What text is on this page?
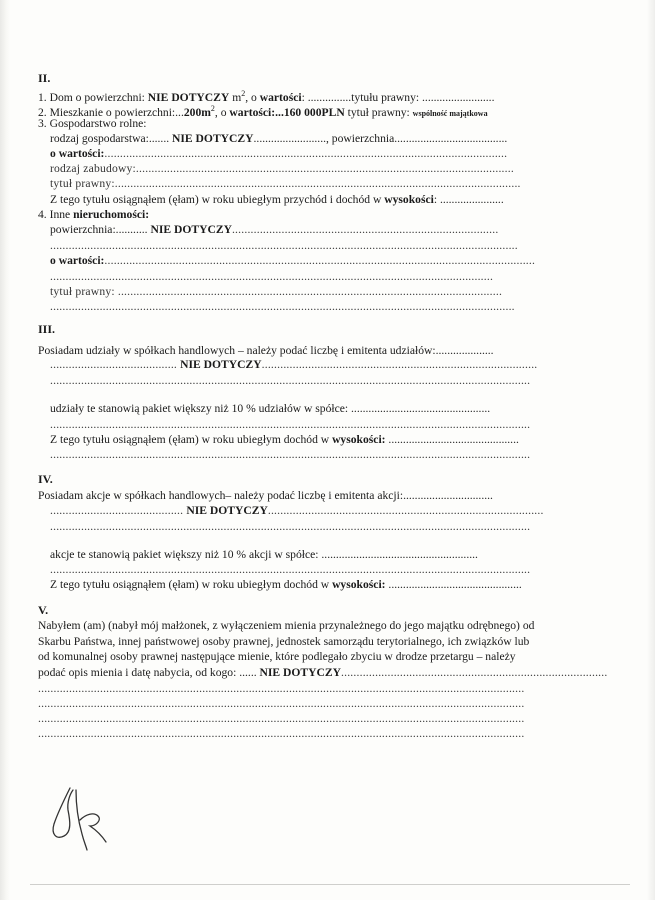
II.
1. Dom o powierzchni: NIE DOTYCZY $m^2$, o wartości: ...............tytułu prawny: .........................
2. Mieszkanie o $powierzchni:...200m^2$, o wartości:...160 000PLN tytuł prawny: wspólność majątkowa
3. Gospodarstwo rolne:
rodzaj gospodarstwa:....... NIE DOTYCZY........................., powierzchnia.......................................
o wartości:..................................................................................................................................
rodzaj zabudowy:..........................................................................................................................
tytuł prawny:...................................................................................................................................
Z tego tytułu osiągnąłem (ęłam) w roku ubiegłym przychód i dochód w wysokości: ......................
4. Inne nieruchomości:
powierzchnia:........... NIE DOTYCZY......................................................................................
.......................................................................................................................................................
o wartości:...........................................................................................................................................
...............................................................................................................................................
tytuł prawny: ............................................................................................................................
......................................................................................................................................................
III.
Posiadam udziały w spółkach handlowych – należy podać liczbę i emitenta udziałów:....................
......................................... NIE DOTYCZY.........................................................................................
...........................................................................................................................................................
udziały te stanowią pakiet większy niż 10 % udziałów w spółce: ................................................
...........................................................................................................................................................
Z tego tytułu osiągnąłem (ęłam) w roku ubiegłym dochód w wysokości: .............................................
...........................................................................................................................................................
IV.
Posiadam akcje w spółkach handlowych– należy podać liczbę i emitenta akcji:...............................
........................................... NIE DOTYCZY.........................................................................................
...........................................................................................................................................................
akcje te stanowią pakiet większy niż 10 % akcji w spółce: ......................................................
...........................................................................................................................................................
Z tego tytułu osiągnąłem (ęłam) w roku ubiegłym dochód w wysokości: ..............................................
V.
Nabyłem (am) (nabył mój małżonek, z wyłączeniem mienia przynależnego do jego majątku odrębnego) od
Skarbu Państwa, innej państwowej osoby prawnej, jednostek samorządu terytorialnego, ich związków lub
od komunalnej osoby prawnej następujące mienie, które podlegało zbyciu w drodze przetargu – należy
podać opis mienia i datę nabycia, od kogo: ...... NIE DOTYCZY......................................................................................
.............................................................................................................................................................
.............................................................................................................................................................
.............................................................................................................................................................
.............................................................................................................................................................
